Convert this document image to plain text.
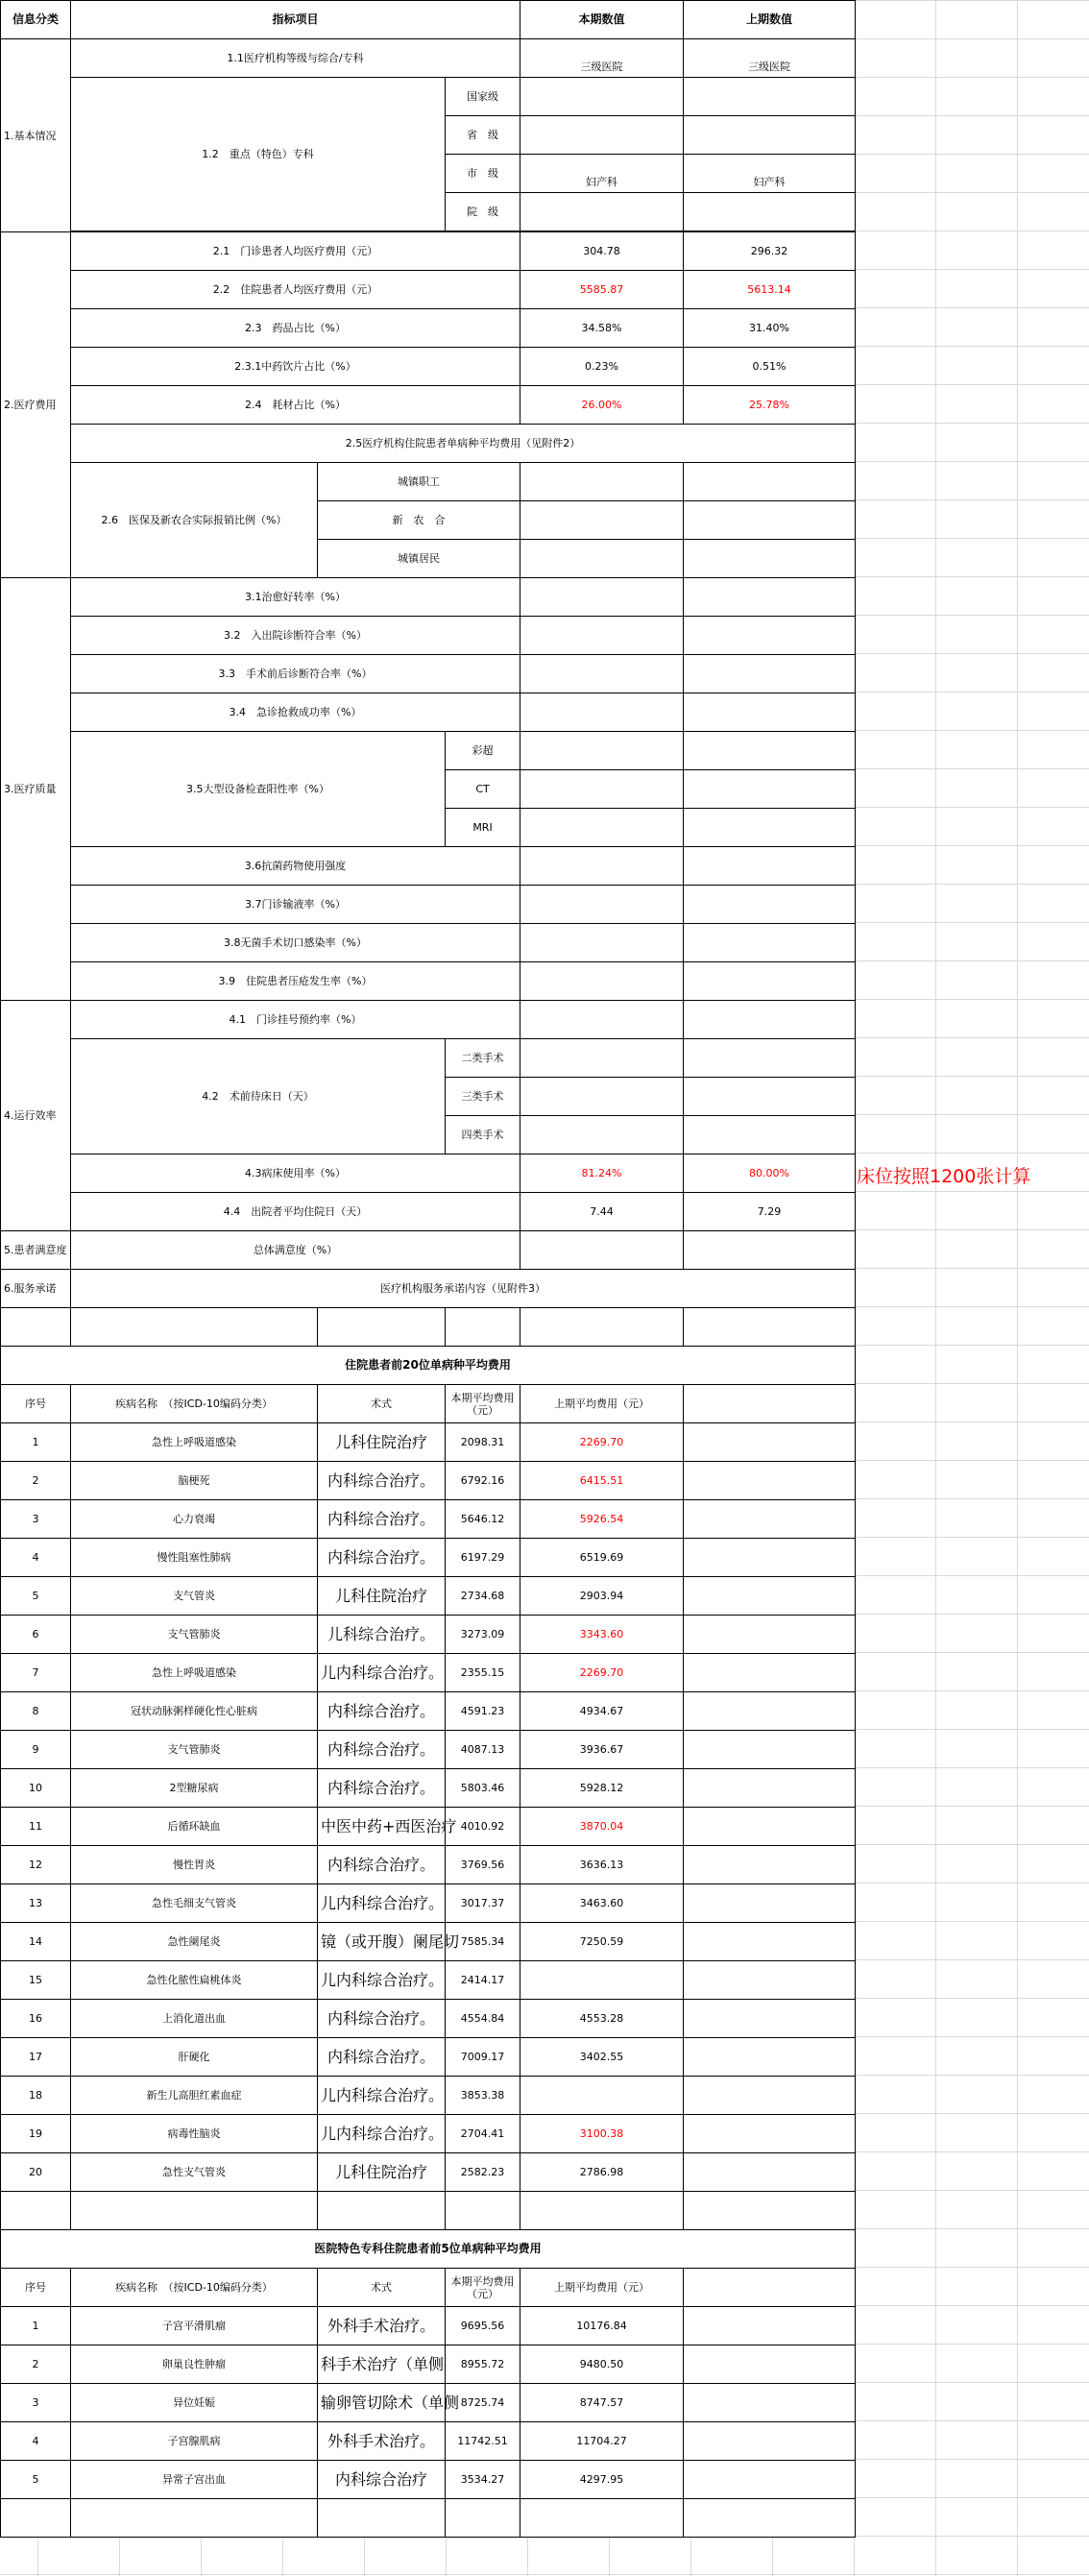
信息分类	指标项目			本期数值	上期数值
1.基本情况	1.1医疗机构等级与综合/专科			三级医院	三级医院
	1.2　重点（特色）专科		国家级		
			省　级		
			市　级	妇产科	妇产科
			院　级		

2.医疗费用	2.1　门诊患者人均医疗费用（元）			304.78	296.32
	2.2　住院患者人均医疗费用（元）			5585.87	5613.14
	2.3　药品占比（%）			34.58%	31.40%
	2.3.1中药饮片占比（%）			0.23%	0.51%
	2.4　耗材占比（%）			26.00%	25.78%
	2.5医疗机构住院患者单病种平均费用（见附件2）				
	2.6　医保及新农合实际报销比例（%）	城镇职工			
		新　农　合			
		城镇居民			
3.医疗质量	3.1治愈好转率（%）				
	3.2　入出院诊断符合率（%）				
	3.3　手术前后诊断符合率（%）				
	3.4　急诊抢救成功率（%）				
	3.5大型设备检查阳性率（%）		彩超		
			CT		
			MRI		
	3.6抗菌药物使用强度				
	3.7门诊输液率（%）				
	3.8无菌手术切口感染率（%）				
	3.9　住院患者压疮发生率（%）				
4.运行效率	4.1　门诊挂号预约率（%）				
	4.2　术前待床日（天）		二类手术		
			三类手术		
			四类手术		
	4.3病床使用率（%）			81.24%	80.00%
	4.4　出院者平均住院日（天）			7.44	7.29
5.患者满意度	总体满意度（%）				
6.服务承诺	医疗机构服务承诺内容（见附件3）				

住院患者前20位单病种平均费用					
序号	疾病名称　（按ICD-10编码分类）	术式	本期平均费用（元）	上期平均费用（元）	
1	急性上呼吸道感染	儿科住院治疗	2098.31	2269.70	
2	脑梗死	内科综合治疗。	6792.16	6415.51	
3	心力衰竭	内科综合治疗。	5646.12	5926.54	
4	慢性阻塞性肺病	内科综合治疗。	6197.29	6519.69	
5	支气管炎	儿科住院治疗	2734.68	2903.94	
6	支气管肺炎	儿科综合治疗。	3273.09	3343.60	
7	急性上呼吸道感染	儿内科综合治疗。	2355.15	2269.70	
8	冠状动脉粥样硬化性心脏病	内科综合治疗。	4591.23	4934.67	
9	支气管肺炎	内科综合治疗。	4087.13	3936.67	
10	2型糖尿病	内科综合治疗。	5803.46	5928.12	
11	后循环缺血	中医中药+西医治疗	4010.92	3870.04	
12	慢性胃炎	内科综合治疗。	3769.56	3636.13	
13	急性毛细支气管炎	儿内科综合治疗。	3017.37	3463.60	
14	急性阑尾炎	镜（或开腹）阑尾切	7585.34	7250.59	
15	急性化脓性扁桃体炎	儿内科综合治疗。	2414.17		
16	上消化道出血	内科综合治疗。	4554.84	4553.28	
17	肝硬化	内科综合治疗。	7009.17	3402.55	
18	新生儿高胆红素血症	儿内科综合治疗。	3853.38		
19	病毒性脑炎	儿内科综合治疗。	2704.41	3100.38	
20	急性支气管炎	儿科住院治疗	2582.23	2786.98	

医院特色专科住院患者前5位单病种平均费用					
序号	疾病名称　（按ICD-10编码分类）	术式	本期平均费用（元）	上期平均费用（元）	
1	子宫平滑肌瘤	外科手术治疗。	9695.56	10176.84	
2	卵巢良性肿瘤	科手术治疗（单侧	8955.72	9480.50	
3	异位妊娠	输卵管切除术（单侧	8725.74	8747.57	
4	子宫腺肌病	外科手术治疗。	11742.51	11704.27	
5	异常子宫出血	内科综合治疗	3534.27	4297.95	

床位按照1200张计算
